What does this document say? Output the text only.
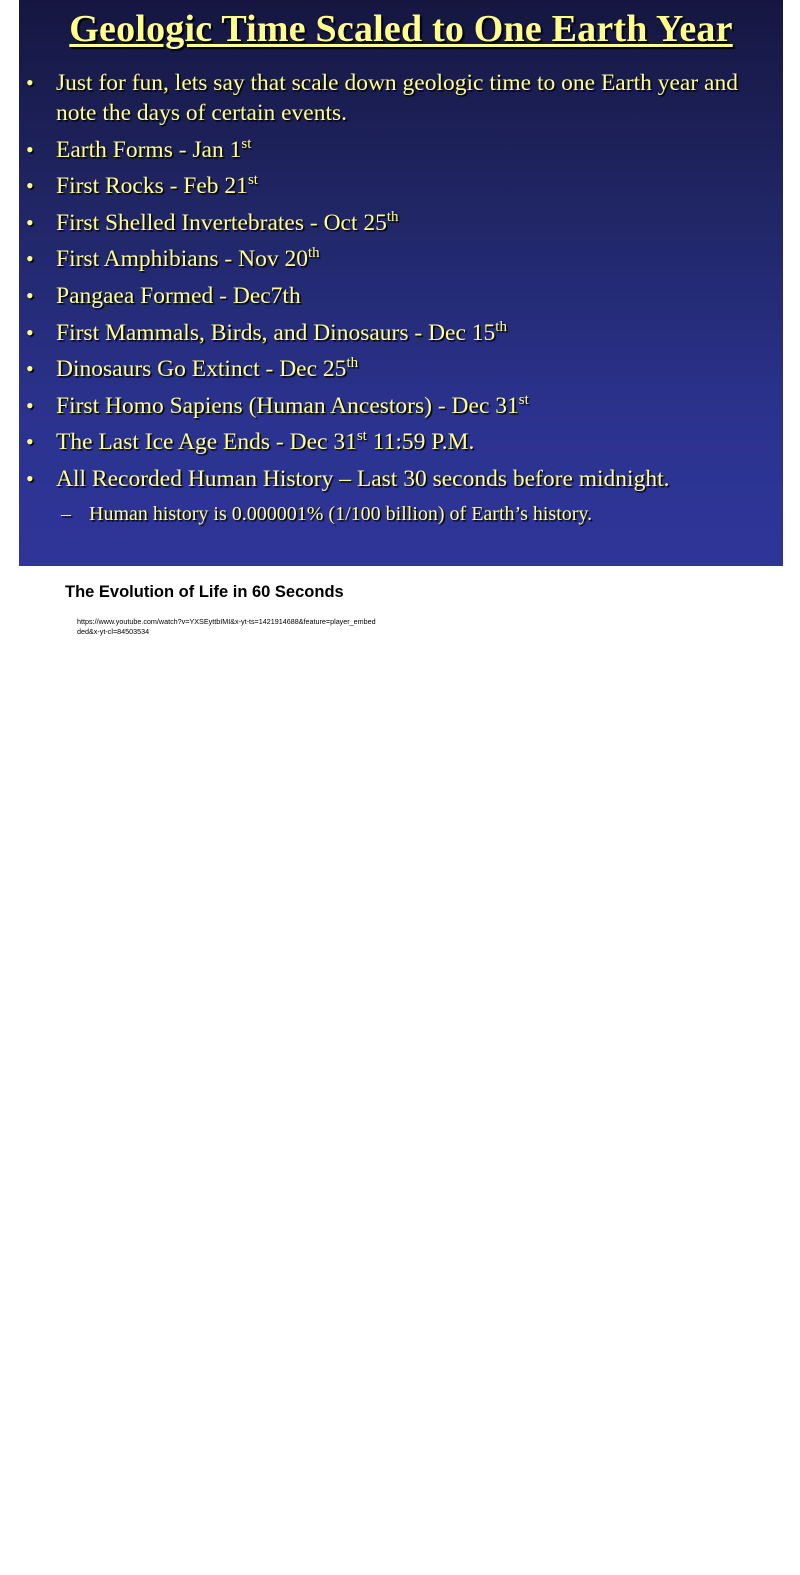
Geologic Time Scaled to One Earth Year
• Just for fun, lets say that scale down geologic time to one Earth year and note the days of certain events.
• Earth Forms - Jan 1st
• First Rocks - Feb 21st
• First Shelled Invertebrates - Oct 25th
• First Amphibians - Nov 20th
• Pangaea Formed - Dec7th
• First Mammals, Birds, and Dinosaurs - Dec 15th
• Dinosaurs Go Extinct - Dec 25th
• First Homo Sapiens (Human Ancestors) - Dec 31st
• The Last Ice Age Ends - Dec 31st 11:59 P.M.
• All Recorded Human History – Last 30 seconds before midnight.
– Human history is 0.000001% (1/100 billion) of Earth’s history.

The Evolution of Life in 60 Seconds

https://www.youtube.com/watch?v=YXSEyttbIMI&x-yt-ts=1421914688&feature=player_embedded&x-yt-cl=84503534
